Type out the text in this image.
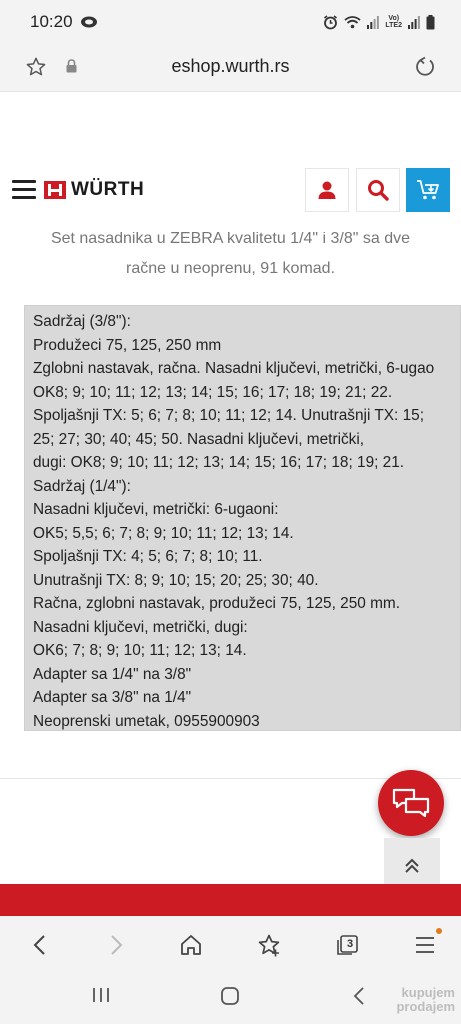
10:20	Vo)
LTE2
eshop.wurth.rs
WÜRTH
Set nasadnika u ZEBRA kvalitetu 1/4" i 3/8" sa dve
račne u neoprenu, 91 komad.
Sadržaj (3/8"):
Produžeci 75, 125, 250 mm
Zglobni nastavak, račna. Nasadni ključevi, metrički, 6-ugao
OK8; 9; 10; 11; 12; 13; 14; 15; 16; 17; 18; 19; 21; 22.
Spoljašnji TX: 5; 6; 7; 8; 10; 11; 12; 14. Unutrašnji TX: 15;
25; 27; 30; 40; 45; 50. Nasadni ključevi, metrički,
dugi: OK8; 9; 10; 11; 12; 13; 14; 15; 16; 17; 18; 19; 21.
Sadržaj (1/4"):
Nasadni ključevi, metrički: 6-ugaoni:
OK5; 5,5; 6; 7; 8; 9; 10; 11; 12; 13; 14.
Spoljašnji TX: 4; 5; 6; 7; 8; 10; 11.
Unutrašnji TX: 8; 9; 10; 15; 20; 25; 30; 40.
Račna, zglobni nastavak, produžeci 75, 125, 250 mm.
Nasadni ključevi, metrički, dugi:
OK6; 7; 8; 9; 10; 11; 12; 13; 14.
Adapter sa 1/4" na 3/8"
Adapter sa 3/8" na 1/4"
Neoprenski umetak, 0955900903
3
kupujem
prodajem
